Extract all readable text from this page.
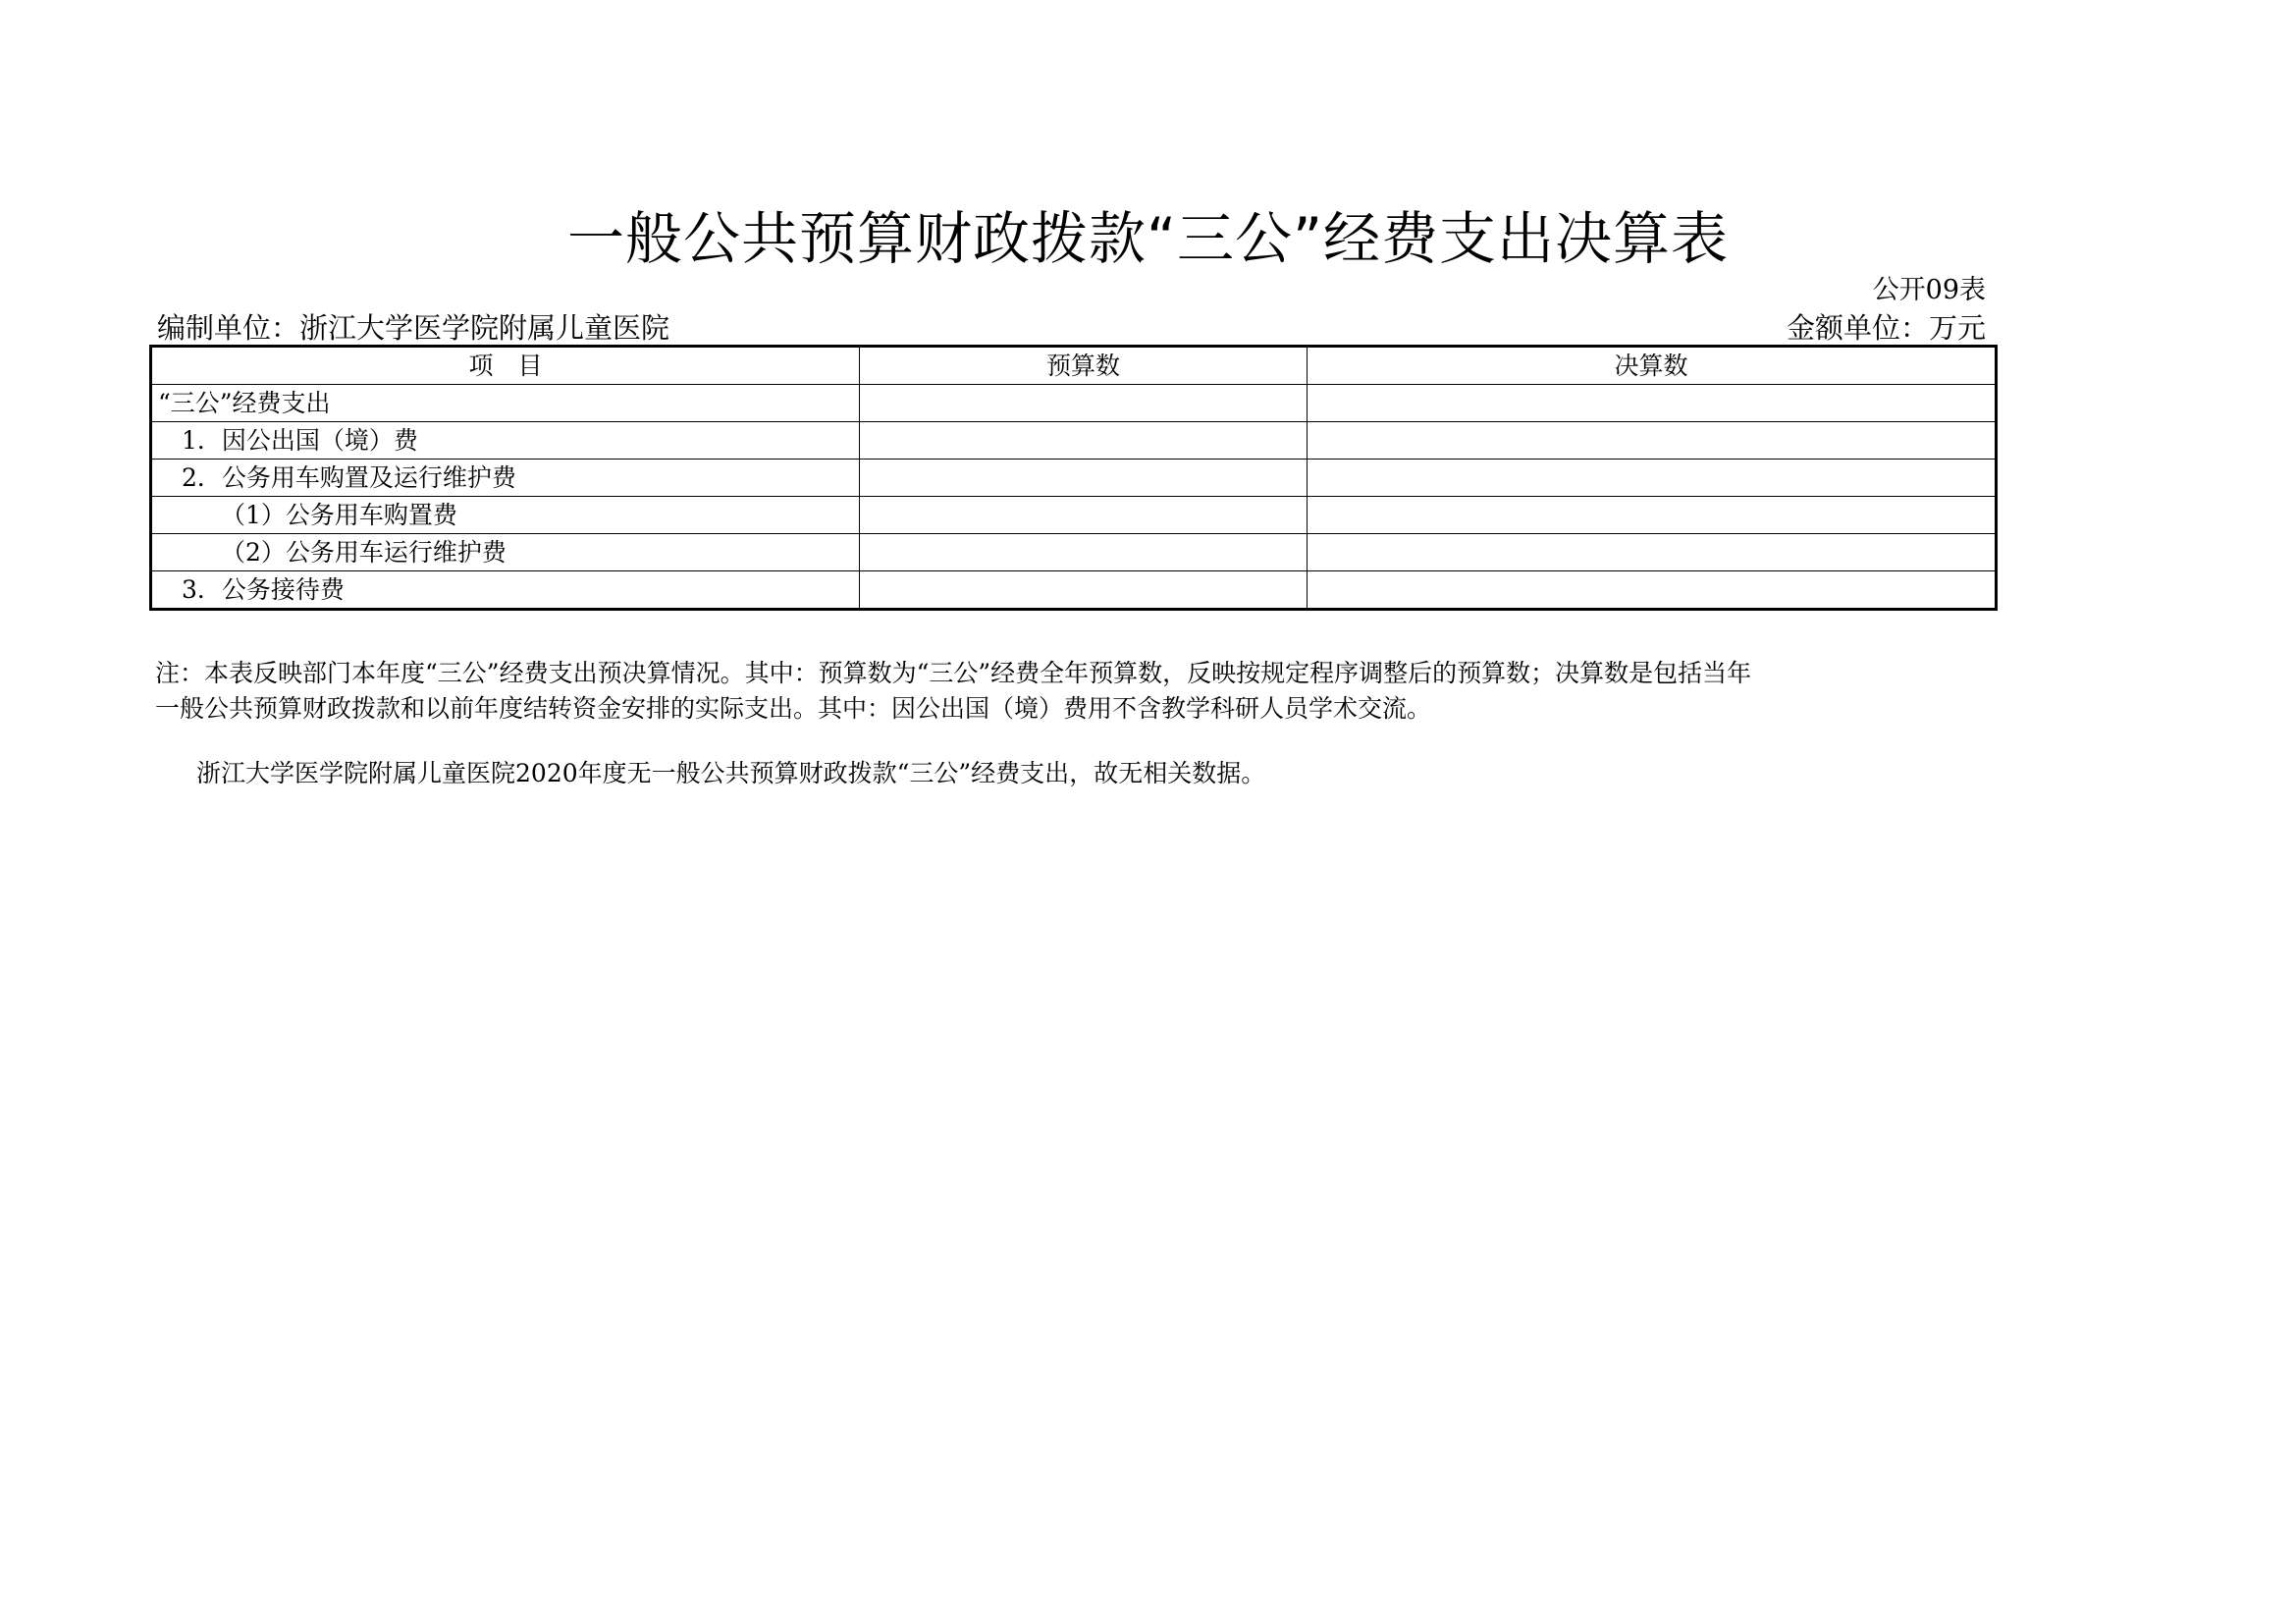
一般公共预算财政拨款“三公”经费支出决算表
公开09表
编制单位：浙江大学医学院附属儿童医院	金额单位：万元
项　目	预算数	决算数
“三公”经费支出		
1．因公出国（境）费		
2．公务用车购置及运行维护费		
（1）公务用车购置费		
（2）公务用车运行维护费		
3．公务接待费		
注：本表反映部门本年度“三公”经费支出预决算情况。其中：预算数为“三公”经费全年预算数，反映按规定程序调整后的预算数；决算数是包括当年
一般公共预算财政拨款和以前年度结转资金安排的实际支出。其中：因公出国（境）费用不含教学科研人员学术交流。
浙江大学医学院附属儿童医院2020年度无一般公共预算财政拨款“三公”经费支出，故无相关数据。
